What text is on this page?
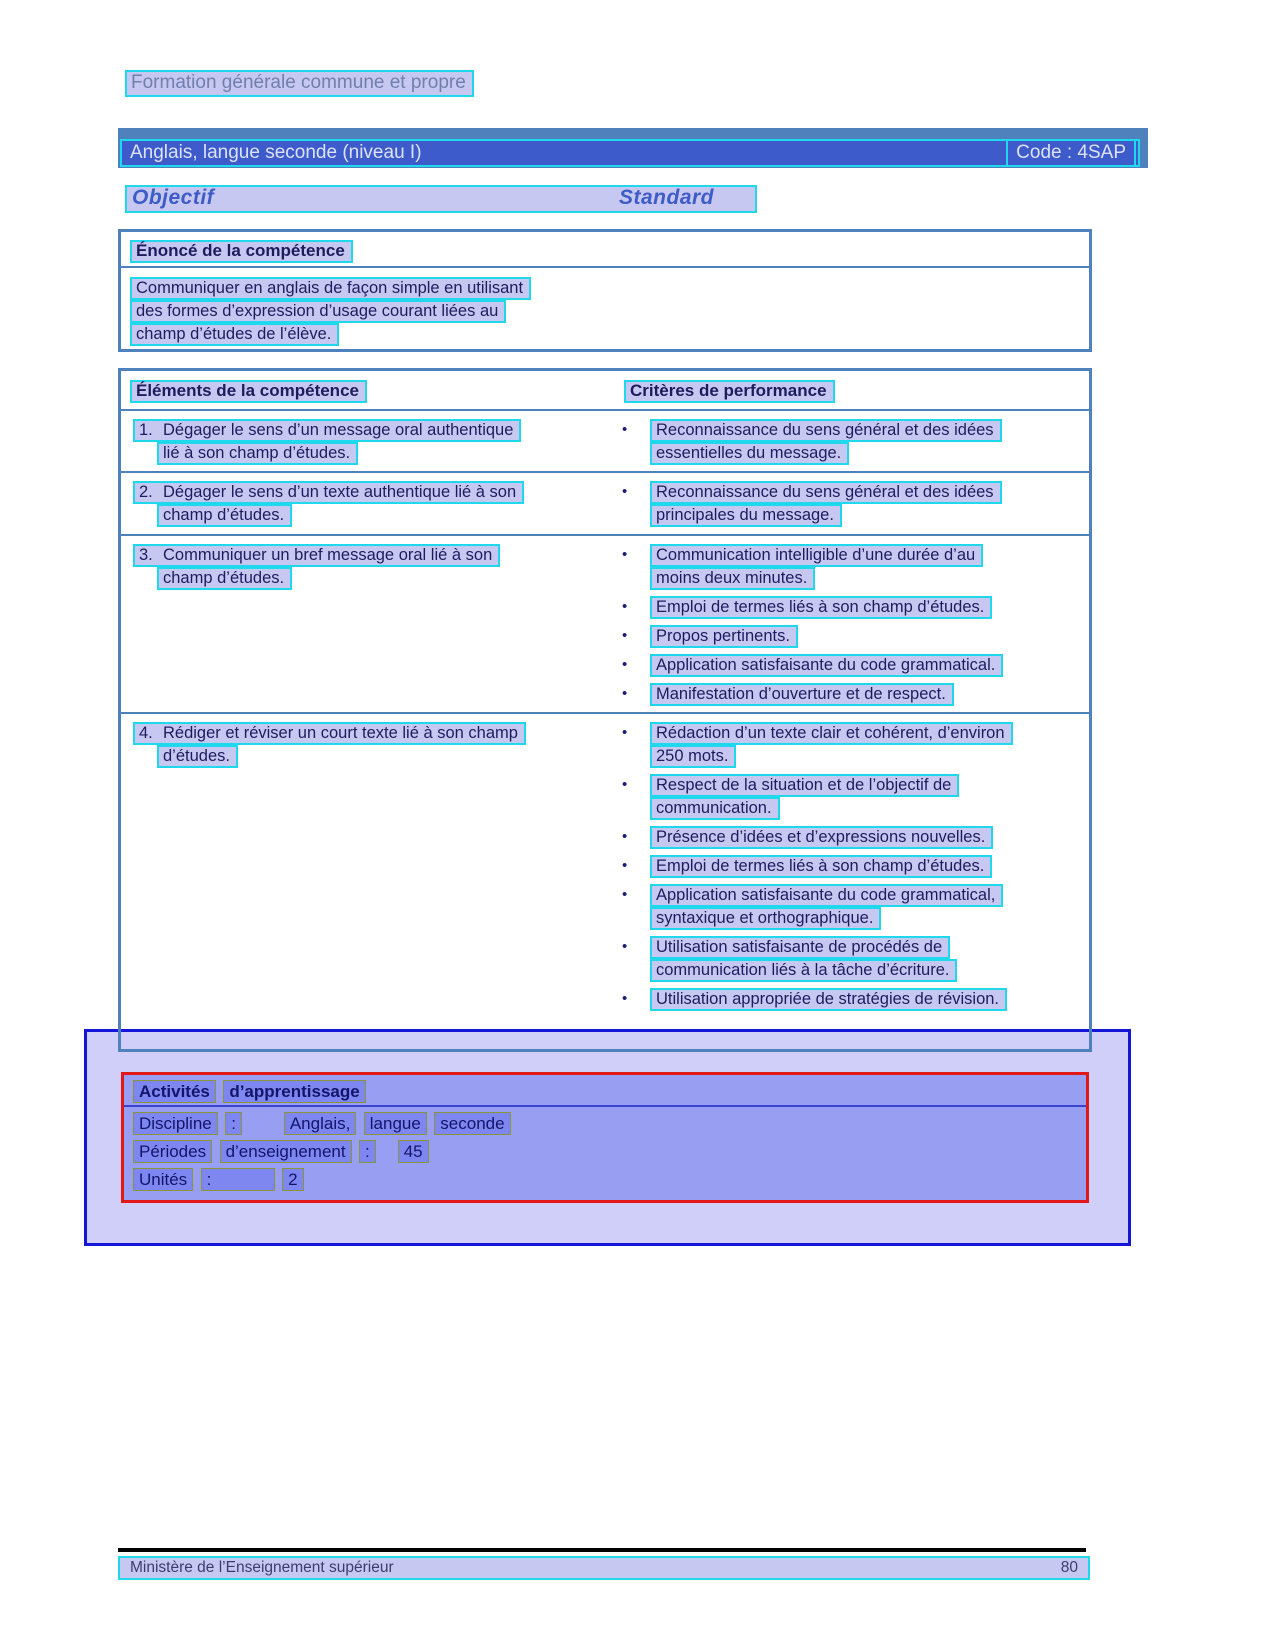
Formation générale commune et propre
Anglais, langue seconde (niveau I)	Code : 4SAP
Objectif	Standard
Énoncé de la compétence
Communiquer en anglais de façon simple en utilisant
des formes d’expression d’usage courant liées au
champ d’études de l’élève.
Éléments de la compétence	Critères de performance
1. Dégager le sens d’un message oral authentique
lié à son champ d’études.
•	Reconnaissance du sens général et des idées
essentielles du message.
2. Dégager le sens d’un texte authentique lié à son
champ d’études.
•	Reconnaissance du sens général et des idées
principales du message.
3. Communiquer un bref message oral lié à son
champ d’études.
•	Communication intelligible d’une durée d’au
moins deux minutes.
•	Emploi de termes liés à son champ d’études.
•	Propos pertinents.
•	Application satisfaisante du code grammatical.
•	Manifestation d’ouverture et de respect.
4. Rédiger et réviser un court texte lié à son champ
d’études.
•	Rédaction d’un texte clair et cohérent, d’environ
250 mots.
•	Respect de la situation et de l’objectif de
communication.
•	Présence d’idées et d’expressions nouvelles.
•	Emploi de termes liés à son champ d’études.
•	Application satisfaisante du code grammatical,
syntaxique et orthographique.
•	Utilisation satisfaisante de procédés de
communication liés à la tâche d’écriture.
•	Utilisation appropriée de stratégies de révision.
Activités d’apprentissage
Discipline :	Anglais, langue seconde
Périodes d’enseignement : 45
Unités :	2
Ministère de l’Enseignement supérieur	80
